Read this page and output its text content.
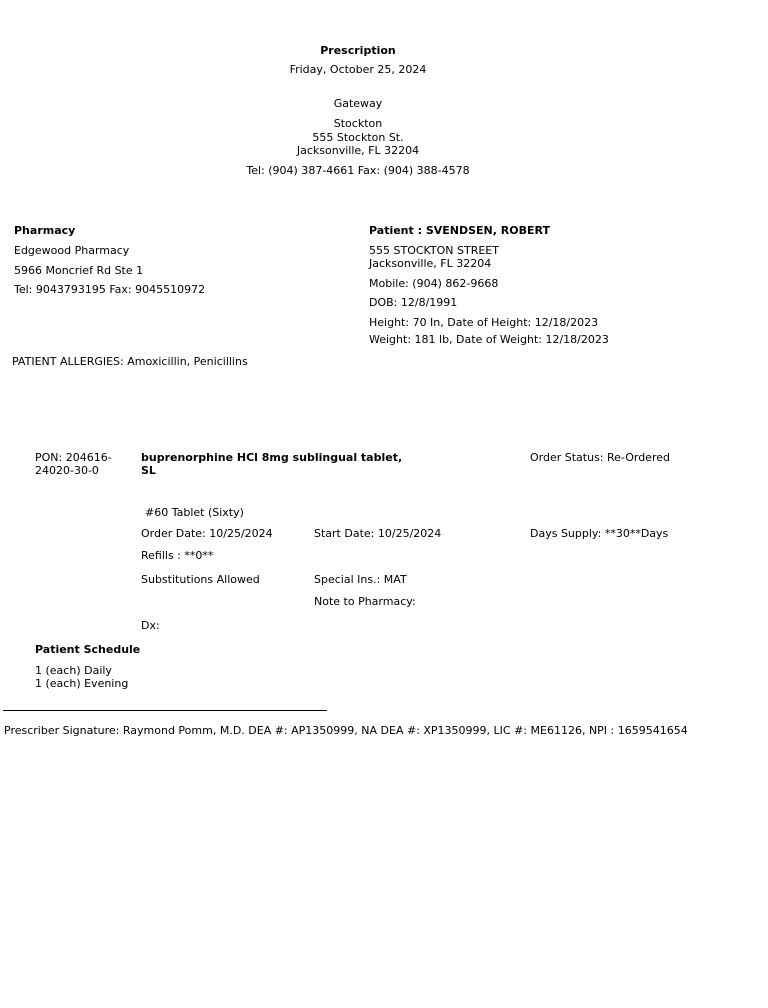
Prescription
Friday, October 25, 2024
Gateway
Stockton
555 Stockton St.
Jacksonville, FL 32204
Tel: (904) 387-4661 Fax: (904) 388-4578
Pharmacy
Edgewood Pharmacy
5966 Moncrief Rd Ste 1
Tel: 9043793195 Fax: 9045510972
Patient : SVENDSEN, ROBERT
555 STOCKTON STREET
Jacksonville, FL 32204
Mobile: (904) 862-9668
DOB: 12/8/1991
Height: 70 In, Date of Height: 12/18/2023
Weight: 181 lb, Date of Weight: 12/18/2023
PATIENT ALLERGIES: Amoxicillin, Penicillins
PON: 204616-
24020-30-0
buprenorphine HCl 8mg sublingual tablet,
SL
Order Status: Re-Ordered
#60 Tablet (Sixty)
Order Date: 10/25/2024	Start Date: 10/25/2024	Days Supply: **30**Days
Refills : **0**
Substitutions Allowed	Special Ins.: MAT
Note to Pharmacy:
Dx:
Patient Schedule
1 (each) Daily
1 (each) Evening
Prescriber Signature: Raymond Pomm, M.D. DEA #: AP1350999, NA DEA #: XP1350999, LIC #: ME61126, NPI : 1659541654
